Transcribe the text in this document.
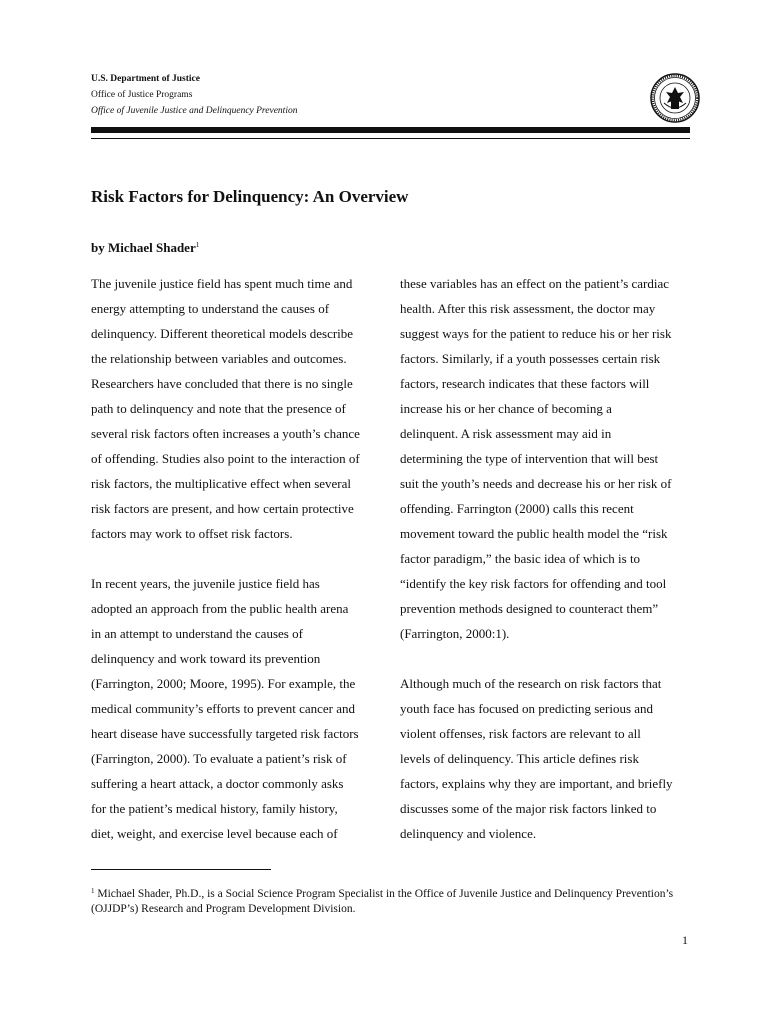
U.S. Department of Justice
Office of Justice Programs
Office of Juvenile Justice and Delinquency Prevention
Risk Factors for Delinquency: An Overview
by Michael Shader$^1$
The juvenile justice field has spent much time and
energy attempting to understand the causes of
delinquency. Different theoretical models describe
the relationship between variables and outcomes.
Researchers have concluded that there is no single
path to delinquency and note that the presence of
several risk factors often increases a youth’s chance
of offending. Studies also point to the interaction of
risk factors, the multiplicative effect when several
risk factors are present, and how certain protective
factors may work to offset risk factors.
In recent years, the juvenile justice field has
adopted an approach from the public health arena
in an attempt to understand the causes of
delinquency and work toward its prevention
(Farrington, 2000; Moore, 1995). For example, the
medical community’s efforts to prevent cancer and
heart disease have successfully targeted risk factors
(Farrington, 2000). To evaluate a patient’s risk of
suffering a heart attack, a doctor commonly asks
for the patient’s medical history, family history,
diet, weight, and exercise level because each of
these variables has an effect on the patient’s cardiac
health. After this risk assessment, the doctor may
suggest ways for the patient to reduce his or her risk
factors. Similarly, if a youth possesses certain risk
factors, research indicates that these factors will
increase his or her chance of becoming a
delinquent. A risk assessment may aid in
determining the type of intervention that will best
suit the youth’s needs and decrease his or her risk of
offending. Farrington (2000) calls this recent
movement toward the public health model the “risk
factor paradigm,” the basic idea of which is to
“identify the key risk factors for offending and tool
prevention methods designed to counteract them”
(Farrington, 2000:1).
Although much of the research on risk factors that
youth face has focused on predicting serious and
violent offenses, risk factors are relevant to all
levels of delinquency. This article defines risk
factors, explains why they are important, and briefly
discusses some of the major risk factors linked to
delinquency and violence.
$^1$ Michael Shader, Ph.D., is a Social Science Program Specialist in the Office of Juvenile Justice and Delinquency Prevention’s (OJJDP’s) Research and Program Development Division.
1
